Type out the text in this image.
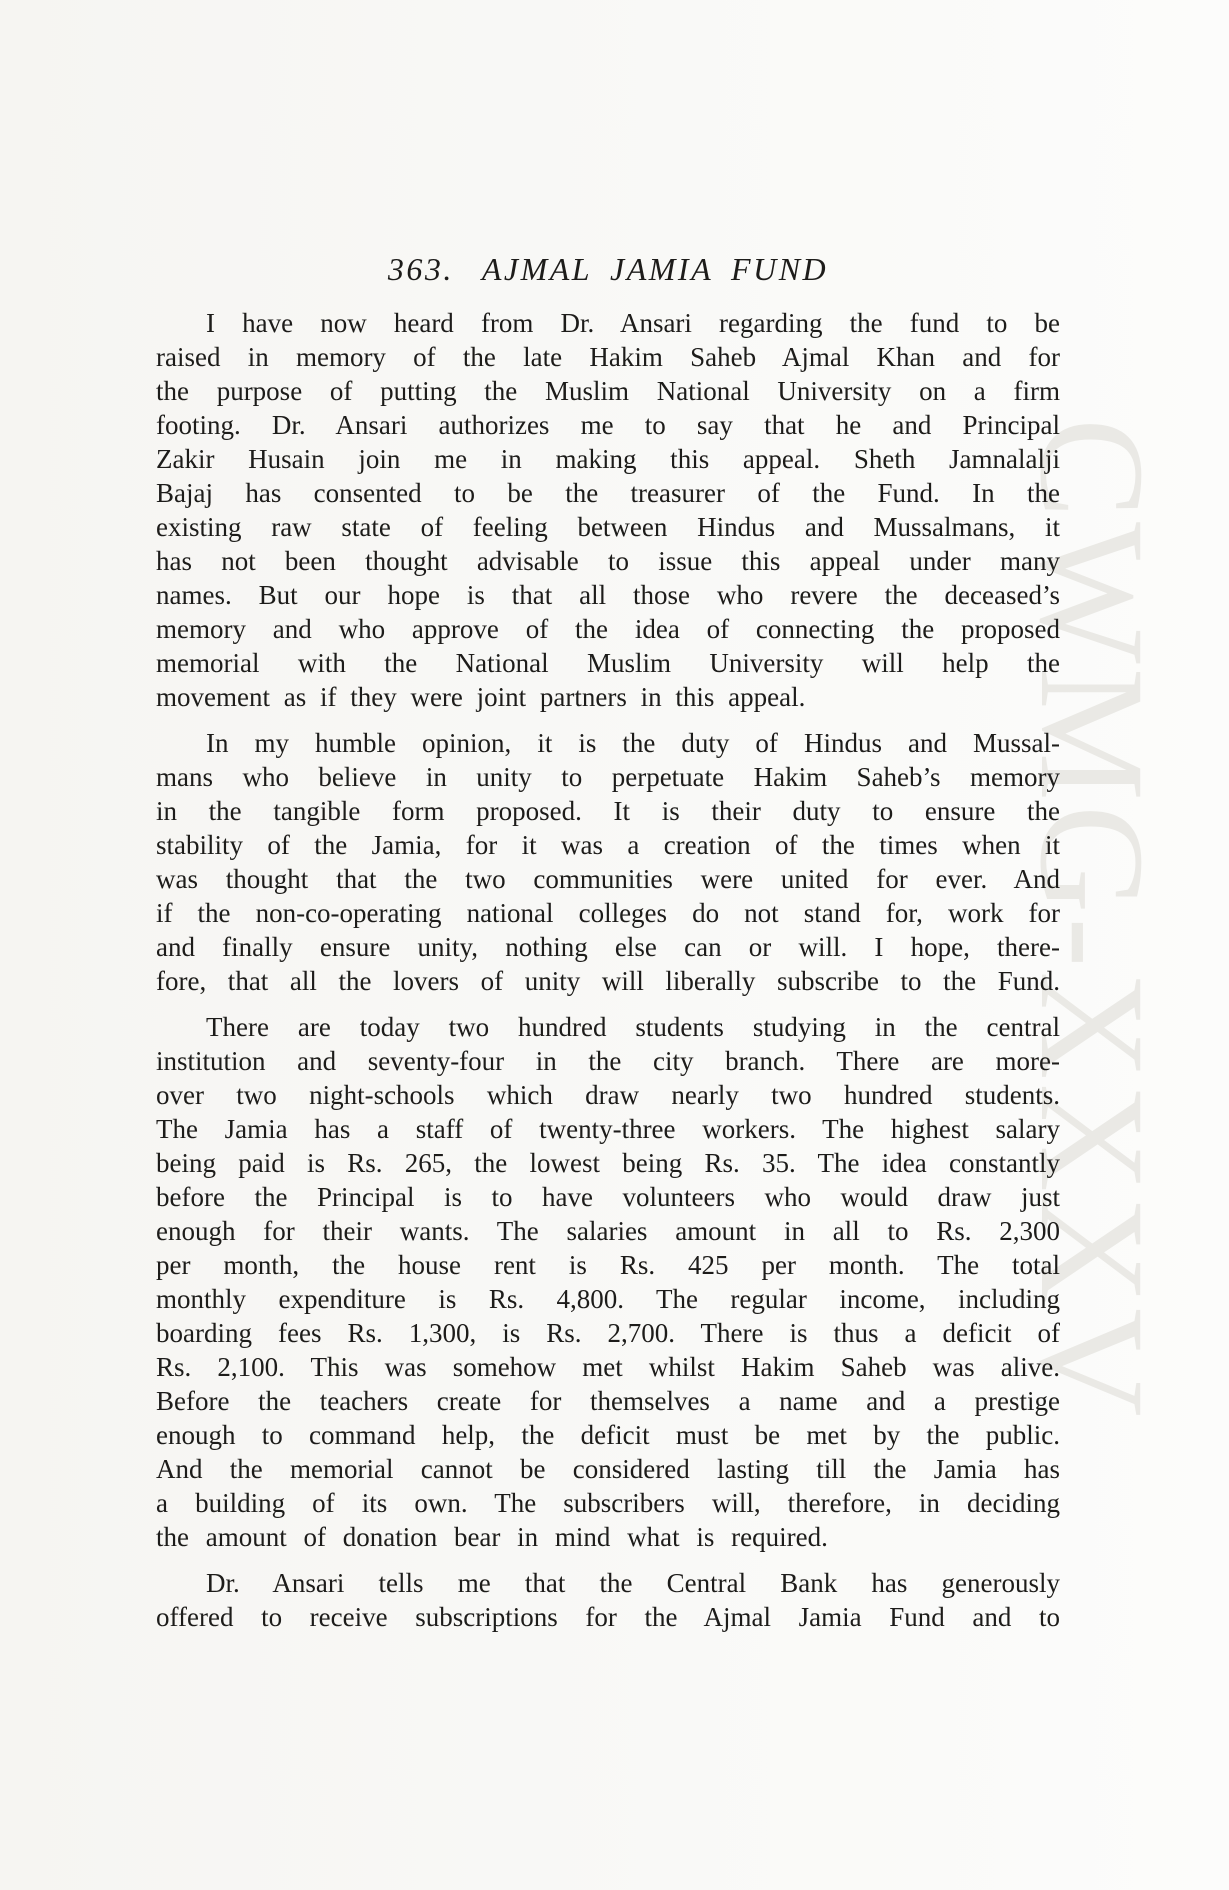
CWMG-XXXV
363. AJMAL JAMIA FUND
I have now heard from Dr. Ansari regarding the fund to be
raised in memory of the late Hakim Saheb Ajmal Khan and for
the purpose of putting the Muslim National University on a firm
footing. Dr. Ansari authorizes me to say that he and Principal
Zakir Husain join me in making this appeal. Sheth Jamnalalji
Bajaj has consented to be the treasurer of the Fund. In the
existing raw state of feeling between Hindus and Mussalmans, it
has not been thought advisable to issue this appeal under many
names. But our hope is that all those who revere the deceased’s
memory and who approve of the idea of connecting the proposed
memorial with the National Muslim University will help the
movement as if they were joint partners in this appeal.
In my humble opinion, it is the duty of Hindus and Mussal-
mans who believe in unity to perpetuate Hakim Saheb’s memory
in the tangible form proposed. It is their duty to ensure the
stability of the Jamia, for it was a creation of the times when it
was thought that the two communities were united for ever. And
if the non-co-operating national colleges do not stand for, work for
and finally ensure unity, nothing else can or will. I hope, there-
fore, that all the lovers of unity will liberally subscribe to the Fund.
There are today two hundred students studying in the central
institution and seventy-four in the city branch. There are more-
over two night-schools which draw nearly two hundred students.
The Jamia has a staff of twenty-three workers. The highest salary
being paid is Rs. 265, the lowest being Rs. 35. The idea constantly
before the Principal is to have volunteers who would draw just
enough for their wants. The salaries amount in all to Rs. 2,300
per month, the house rent is Rs. 425 per month. The total
monthly expenditure is Rs. 4,800. The regular income, including
boarding fees Rs. 1,300, is Rs. 2,700. There is thus a deficit of
Rs. 2,100. This was somehow met whilst Hakim Saheb was alive.
Before the teachers create for themselves a name and a prestige
enough to command help, the deficit must be met by the public.
And the memorial cannot be considered lasting till the Jamia has
a building of its own. The subscribers will, therefore, in deciding
the amount of donation bear in mind what is required.
Dr. Ansari tells me that the Central Bank has generously
offered to receive subscriptions for the Ajmal Jamia Fund and to
